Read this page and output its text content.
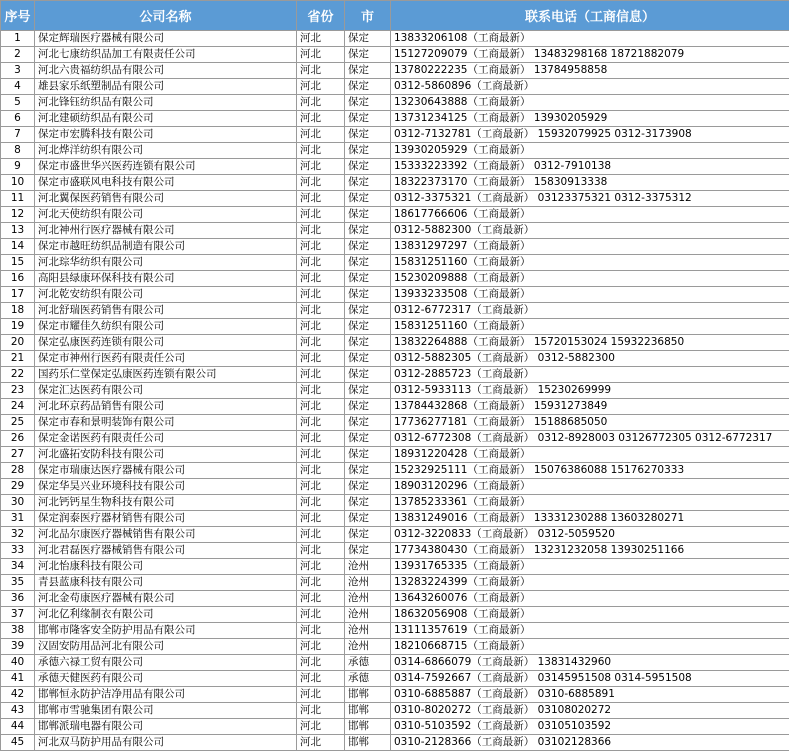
序号	公司名称	省份	市	联系电话（工商信息）
1	保定辉瑞医疗器械有限公司	河北	保定	13833206108（工商最新）
2	河北七康纺织品加工有限责任公司	河北	保定	15127209079（工商最新） 13483298168 18721882079
3	河北六贵福纺织品有限公司	河北	保定	13780222235（工商最新） 13784958858
4	雄县家乐纸塑制品有限公司	河北	保定	0312-5860896（工商最新）
5	河北锋钰纺织品有限公司	河北	保定	13230643888（工商最新）
6	河北建硕纺织品有限公司	河北	保定	13731234125（工商最新） 13930205929
7	保定市宏腾科技有限公司	河北	保定	0312-7132781（工商最新） 15932079925 0312-3173908
8	河北烨洋纺织有限公司	河北	保定	13930205929（工商最新）
9	保定市盛世华兴医药连锁有限公司	河北	保定	15333223392（工商最新） 0312-7910138
10	保定市盛联风电科技有限公司	河北	保定	18322373170（工商最新） 15830913338
11	河北翼保医药销售有限公司	河北	保定	0312-3375321（工商最新） 03123375321 0312-3375312
12	河北天使纺织有限公司	河北	保定	18617766606（工商最新）
13	河北神州行医疗器械有限公司	河北	保定	0312-5882300（工商最新）
14	保定市越旺纺织品制造有限公司	河北	保定	13831297297（工商最新）
15	河北琮华纺织有限公司	河北	保定	15831251160（工商最新）
16	高阳县绿康环保科技有限公司	河北	保定	15230209888（工商最新）
17	河北乾安纺织有限公司	河北	保定	13933233508（工商最新）
18	河北舒瑞医药销售有限公司	河北	保定	0312-6772317（工商最新）
19	保定市耀佳久纺织有限公司	河北	保定	15831251160（工商最新）
20	保定弘康医药连锁有限公司	河北	保定	13832264888（工商最新） 15720153024 15932236850
21	保定市神州行医药有限责任公司	河北	保定	0312-5882305（工商最新） 0312-5882300
22	国药乐仁堂保定弘康医药连锁有限公司	河北	保定	0312-2885723（工商最新）
23	保定汇达医药有限公司	河北	保定	0312-5933113（工商最新） 15230269999
24	河北环京药品销售有限公司	河北	保定	13784432868（工商最新） 15931273849
25	保定市春和景明装饰有限公司	河北	保定	17736277181（工商最新） 15188685050
26	保定金诺医药有限责任公司	河北	保定	0312-6772308（工商最新） 0312-8928003 03126772305 0312-6772317
27	河北盛拓安防科技有限公司	河北	保定	18931220428（工商最新）
28	保定市瑞康达医疗器械有限公司	河北	保定	15232925111（工商最新） 15076386088 15176270333
29	保定华昊兴业环境科技有限公司	河北	保定	18903120296（工商最新）
30	河北钙钙星生物科技有限公司	河北	保定	13785233361（工商最新）
31	保定润泰医疗器材销售有限公司	河北	保定	13831249016（工商最新） 13331230288 13603280271
32	河北品尔康医疗器械销售有限公司	河北	保定	0312-3220833（工商最新） 0312-5059520
33	河北君磊医疗器械销售有限公司	河北	保定	17734380430（工商最新） 13231232058 13930251166
34	河北怡康科技有限公司	河北	沧州	13931765335（工商最新）
35	青县蓝康科技有限公司	河北	沧州	13283224399（工商最新）
36	河北金苟康医疗器械有限公司	河北	沧州	13643260076（工商最新）
37	河北亿利缘制衣有限公司	河北	沧州	18632056908（工商最新）
38	邯郸市隆客安全防护用品有限公司	河北	沧州	13111357619（工商最新）
39	汉固安防用品河北有限公司	河北	沧州	18210668715（工商最新）
40	承德六禄工贸有限公司	河北	承德	0314-6866079（工商最新） 13831432960
41	承德天健医药有限公司	河北	承德	0314-7592667（工商最新） 03145951508 0314-5951508
42	邯郸恒永防护洁净用品有限公司	河北	邯郸	0310-6885887（工商最新） 0310-6885891
43	邯郸市雪驰集团有限公司	河北	邯郸	0310-8020272（工商最新） 03108020272
44	邯郸派瑞电器有限公司	河北	邯郸	0310-5103592（工商最新） 03105103592
45	河北双马防护用品有限公司	河北	邯郸	0310-2128366（工商最新） 03102128366
